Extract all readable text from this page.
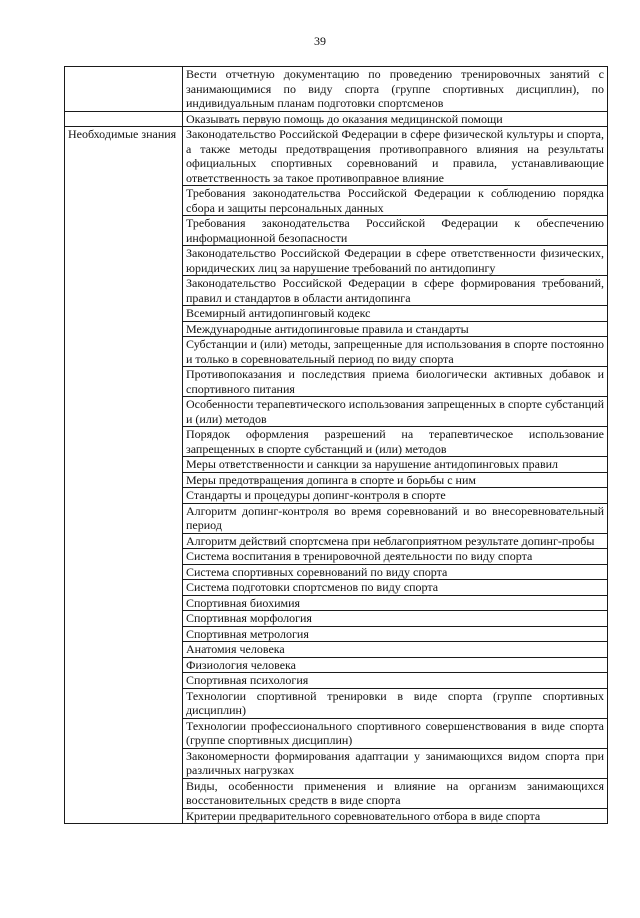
39
	Вести отчетную документацию по проведению тренировочных занятий с занимающимися по виду спорта (группе спортивных дисциплин), по индивидуальным планам подготовки спортсменов
	Оказывать первую помощь до оказания медицинской помощи
Необходимые знания	Законодательство Российской Федерации в сфере физической культуры и спорта, а также методы предотвращения противоправного влияния на результаты официальных спортивных соревнований и правила, устанавливающие ответственность за такое противоправное влияние
	Требования законодательства Российской Федерации к соблюдению порядка сбора и защиты персональных данных
	Требования законодательства Российской Федерации к обеспечению информационной безопасности
	Законодательство Российской Федерации в сфере ответственности физических, юридических лиц за нарушение требований по антидопингу
	Законодательство Российской Федерации в сфере формирования требований, правил и стандартов в области антидопинга
	Всемирный антидопинговый кодекс
	Международные антидопинговые правила и стандарты
	Субстанции и (или) методы, запрещенные для использования в спорте постоянно и только в соревновательный период по виду спорта
	Противопоказания и последствия приема биологически активных добавок и спортивного питания
	Особенности терапевтического использования запрещенных в спорте субстанций и (или) методов
	Порядок оформления разрешений на терапевтическое использование запрещенных в спорте субстанций и (или) методов
	Меры ответственности и санкции за нарушение антидопинговых правил
	Меры предотвращения допинга в спорте и борьбы с ним
	Стандарты и процедуры допинг-контроля в спорте
	Алгоритм допинг-контроля во время соревнований и во внесоревновательный период
	Алгоритм действий спортсмена при неблагоприятном результате допинг-пробы
	Система воспитания в тренировочной деятельности по виду спорта
	Система спортивных соревнований по виду спорта
	Система подготовки спортсменов по виду спорта
	Спортивная биохимия
	Спортивная морфология
	Спортивная метрология
	Анатомия человека
	Физиология человека
	Спортивная психология
	Технологии спортивной тренировки в виде спорта (группе спортивных дисциплин)
	Технологии профессионального спортивного совершенствования в виде спорта (группе спортивных дисциплин)
	Закономерности формирования адаптации у занимающихся видом спорта при различных нагрузках
	Виды, особенности применения и влияние на организм занимающихся восстановительных средств в виде спорта
	Критерии предварительного соревновательного отбора в виде спорта
